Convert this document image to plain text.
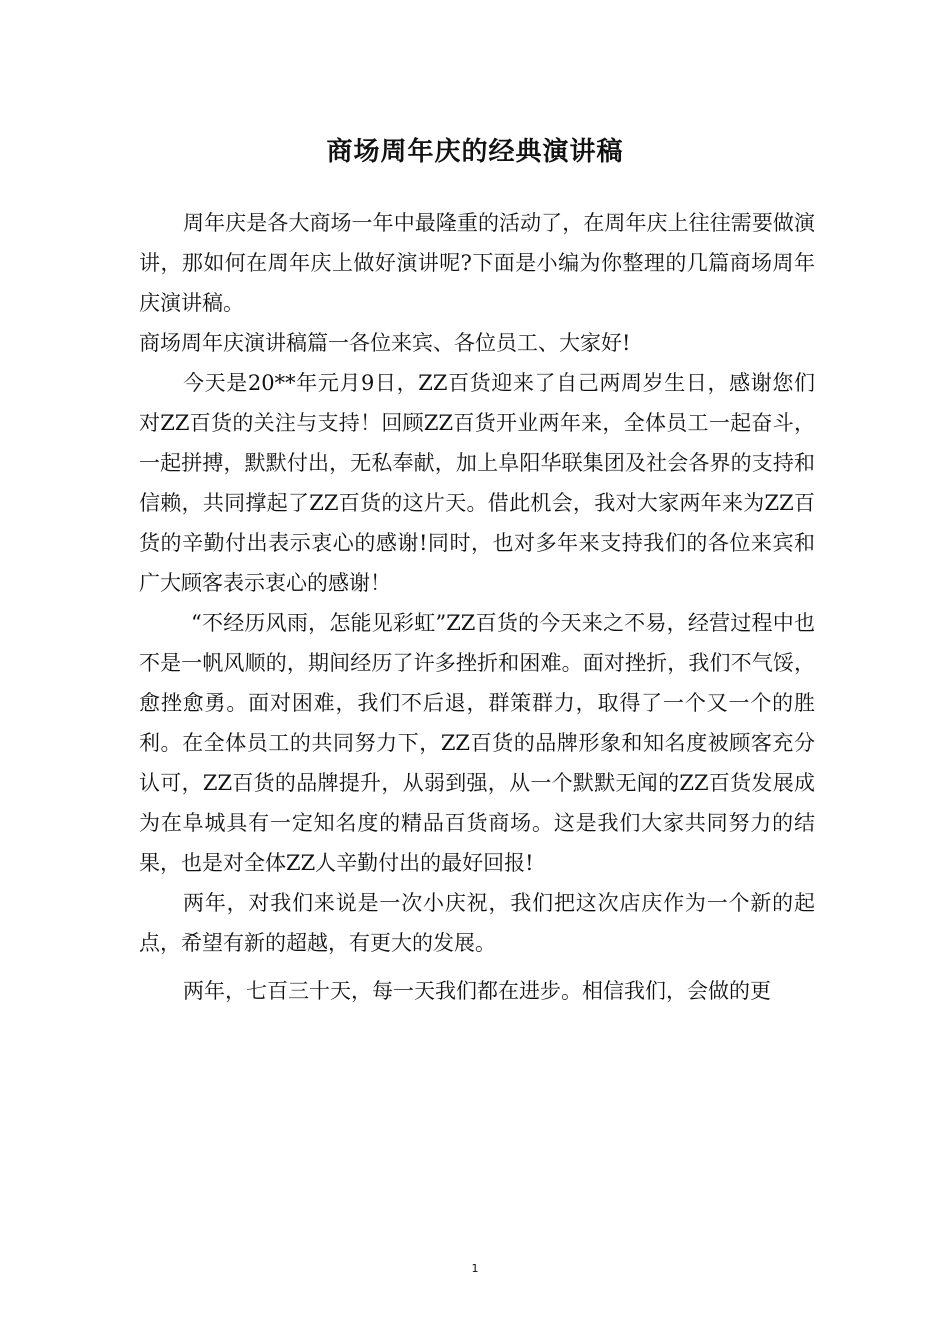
商场周年庆的经典演讲稿

周年庆是各大商场一年中最隆重的活动了，在周年庆上往往需要做演讲，那如何在周年庆上做好演讲呢?下面是小编为你整理的几篇商场周年庆演讲稿。

商场周年庆演讲稿篇一各位来宾、各位员工、大家好!

今天是20**年元月9日，ZZ百货迎来了自己两周岁生日，感谢您们对ZZ百货的关注与支持！回顾ZZ百货开业两年来，全体员工一起奋斗，一起拼搏，默默付出，无私奉献，加上阜阳华联集团及社会各界的支持和信赖，共同撑起了ZZ百货的这片天。借此机会，我对大家两年来为ZZ百货的辛勤付出表示衷心的感谢!同时，也对多年来支持我们的各位来宾和广大顾客表示衷心的感谢！

“不经历风雨，怎能见彩虹”ZZ百货的今天来之不易，经营过程中也不是一帆风顺的，期间经历了许多挫折和困难。面对挫折，我们不气馁，愈挫愈勇。面对困难，我们不后退，群策群力，取得了一个又一个的胜利。在全体员工的共同努力下，ZZ百货的品牌形象和知名度被顾客充分认可，ZZ百货的品牌提升，从弱到强，从一个默默无闻的ZZ百货发展成为在阜城具有一定知名度的精品百货商场。这是我们大家共同努力的结果，也是对全体ZZ人辛勤付出的最好回报!

两年，对我们来说是一次小庆祝，我们把这次店庆作为一个新的起点，希望有新的超越，有更大的发展。

两年，七百三十天，每一天我们都在进步。相信我们，会做的更

1
